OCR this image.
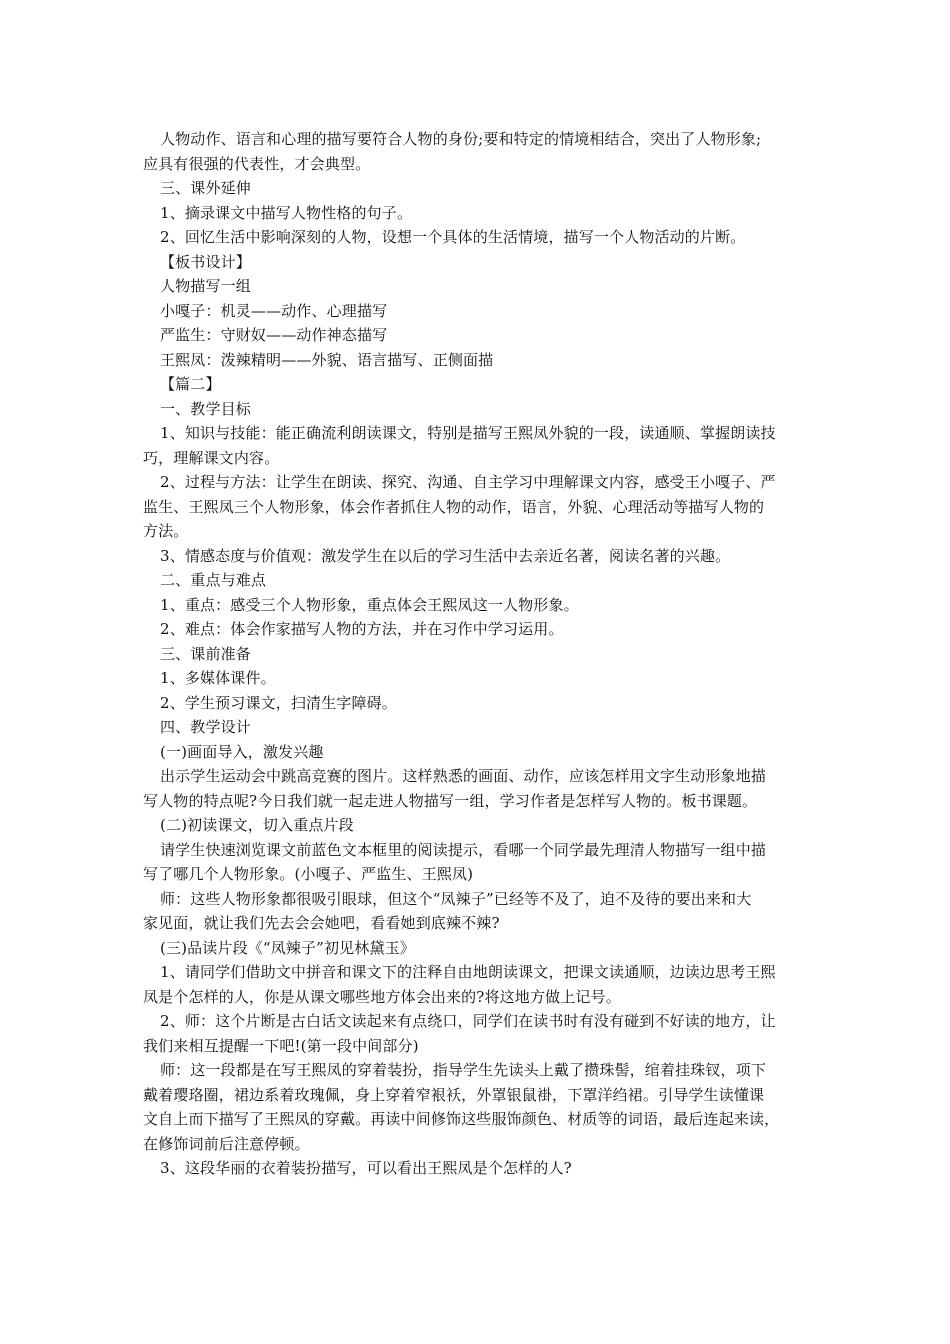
人物动作、语言和心理的描写要符合人物的身份;要和特定的情境相结合，突出了人物形象;
应具有很强的代表性，才会典型。
三、课外延伸
1、摘录课文中描写人物性格的句子。
2、回忆生活中影响深刻的人物，设想一个具体的生活情境，描写一个人物活动的片断。
【板书设计】
人物描写一组
小嘎子：机灵——动作、心理描写
严监生：守财奴——动作神态描写
王熙凤：泼辣精明——外貌、语言描写、正侧面描
【篇二】
一、教学目标
1、知识与技能：能正确流利朗读课文，特别是描写王熙凤外貌的一段，读通顺、掌握朗读技
巧，理解课文内容。
2、过程与方法：让学生在朗读、探究、沟通、自主学习中理解课文内容，感受王小嘎子、严
监生、王熙凤三个人物形象，体会作者抓住人物的动作，语言，外貌、心理活动等描写人物的
方法。
3、情感态度与价值观：激发学生在以后的学习生活中去亲近名著，阅读名著的兴趣。
二、重点与难点
1、重点：感受三个人物形象，重点体会王熙凤这一人物形象。
2、难点：体会作家描写人物的方法，并在习作中学习运用。
三、课前准备
1、多媒体课件。
2、学生预习课文，扫清生字障碍。
四、教学设计
(一)画面导入，激发兴趣
出示学生运动会中跳高竞赛的图片。这样熟悉的画面、动作，应该怎样用文字生动形象地描
写人物的特点呢?今日我们就一起走进人物描写一组，学习作者是怎样写人物的。板书课题。
(二)初读课文，切入重点片段
请学生快速浏览课文前蓝色文本框里的阅读提示，看哪一个同学最先理清人物描写一组中描
写了哪几个人物形象。(小嘎子、严监生、王熙凤)
师：这些人物形象都很吸引眼球，但这个“凤辣子”已经等不及了，迫不及待的要出来和大
家见面，就让我们先去会会她吧，看看她到底辣不辣?
(三)品读片段《“凤辣子”初见林黛玉》
1、请同学们借助文中拼音和课文下的注释自由地朗读课文，把课文读通顺，边读边思考王熙
凤是个怎样的人，你是从课文哪些地方体会出来的?将这地方做上记号。
2、师：这个片断是古白话文读起来有点绕口，同学们在读书时有没有碰到不好读的地方，让
我们来相互提醒一下吧!(第一段中间部分)
师：这一段都是在写王熙凤的穿着装扮，指导学生先读头上戴了攒珠髻，绾着挂珠钗，项下
戴着璎珞圈，裙边系着玫瑰佩，身上穿着窄裉袄，外罩银鼠褂，下罩洋绉裙。引导学生读懂课
文自上而下描写了王熙凤的穿戴。再读中间修饰这些服饰颜色、材质等的词语，最后连起来读，
在修饰词前后注意停顿。
3、这段华丽的衣着装扮描写，可以看出王熙凤是个怎样的人?
